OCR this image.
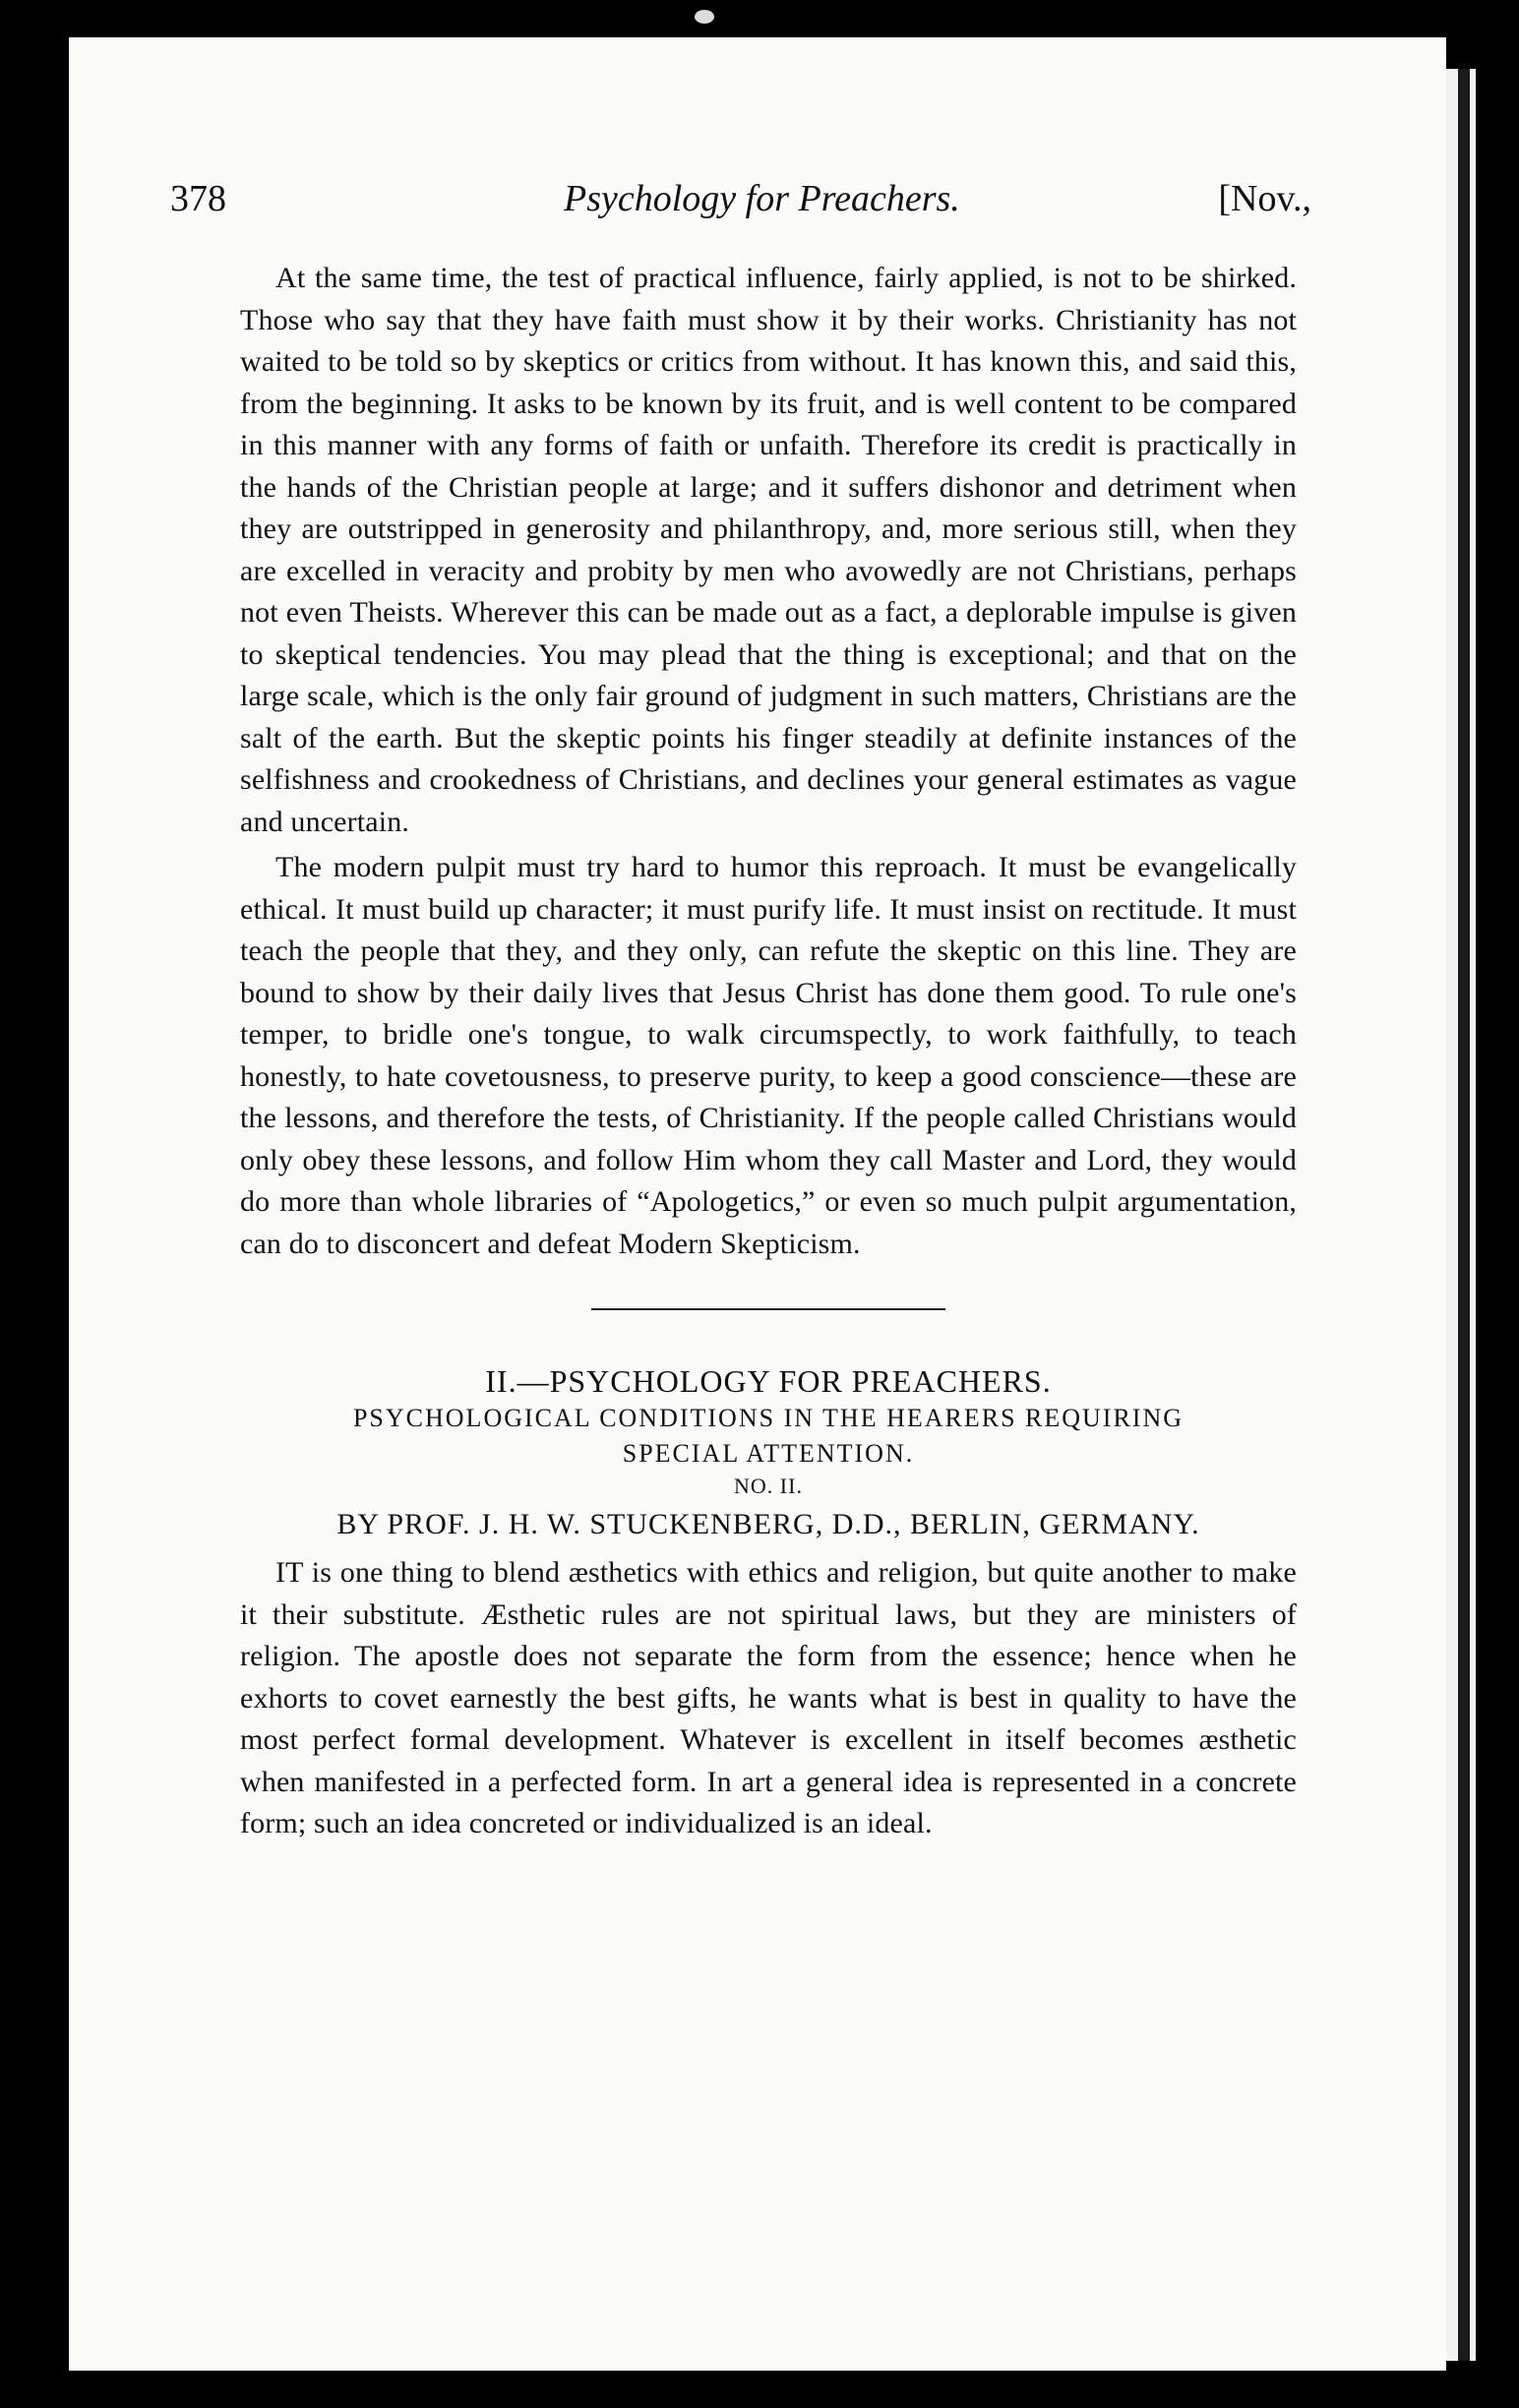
378	Psychology for Preachers.	[Nov.,

At the same time, the test of practical influence, fairly applied, is not to be shirked. Those who say that they have faith must show it by their works. Christianity has not waited to be told so by skeptics or critics from without. It has known this, and said this, from the beginning. It asks to be known by its fruit, and is well content to be compared in this manner with any forms of faith or unfaith. Therefore its credit is practically in the hands of the Christian people at large; and it suffers dishonor and detriment when they are outstripped in generosity and philanthropy, and, more serious still, when they are excelled in veracity and probity by men who avowedly are not Christians, perhaps not even Theists. Wherever this can be made out as a fact, a deplorable impulse is given to skeptical tendencies. You may plead that the thing is exceptional; and that on the large scale, which is the only fair ground of judgment in such matters, Christians are the salt of the earth. But the skeptic points his finger steadily at definite instances of the selfishness and crookedness of Christians, and declines your general estimates as vague and uncertain.

The modern pulpit must try hard to humor this reproach. It must be evangelically ethical. It must build up character; it must purify life. It must insist on rectitude. It must teach the people that they, and they only, can refute the skeptic on this line. They are bound to show by their daily lives that Jesus Christ has done them good. To rule one's temper, to bridle one's tongue, to walk circumspectly, to work faithfully, to teach honestly, to hate covetousness, to preserve purity, to keep a good conscience—these are the lessons, and therefore the tests, of Christianity. If the people called Christians would only obey these lessons, and follow Him whom they call Master and Lord, they would do more than whole libraries of “Apologetics,” or even so much pulpit argumentation, can do to disconcert and defeat Modern Skepticism.

II.—PSYCHOLOGY FOR PREACHERS.
PSYCHOLOGICAL CONDITIONS IN THE HEARERS REQUIRING
SPECIAL ATTENTION.
NO. II.
BY PROF. J. H. W. STUCKENBERG, D.D., BERLIN, GERMANY.

IT is one thing to blend æsthetics with ethics and religion, but quite another to make it their substitute. Æsthetic rules are not spiritual laws, but they are ministers of religion. The apostle does not separate the form from the essence; hence when he exhorts to covet earnestly the best gifts, he wants what is best in quality to have the most perfect formal development. Whatever is excellent in itself becomes æsthetic when manifested in a perfected form. In art a general idea is represented in a concrete form; such an idea concreted or individualized is an ideal.
